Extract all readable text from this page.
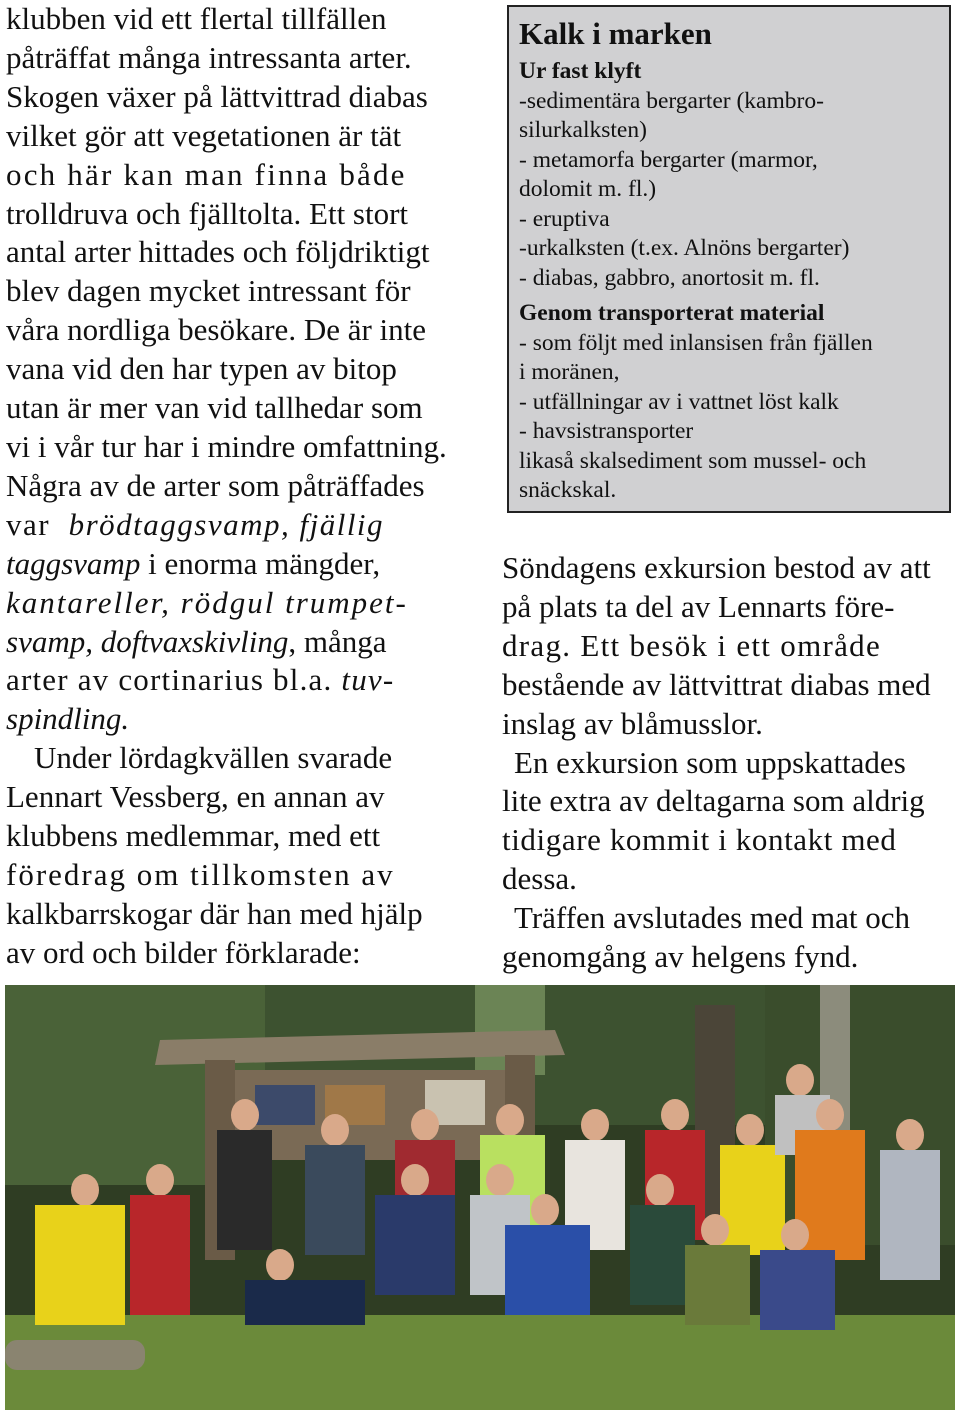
klubben vid ett flertal tillfällen

påträffat många intressanta arter.

Skogen växer på lättvittrad diabas

vilket gör att vegetationen är tät

och här kan man finna både

trolldruva och fjälltolta. Ett stort

antal arter hittades och följdriktigt

blev dagen mycket intressant för

våra nordliga besökare. De är inte

vana vid den har typen av bitop

utan är mer van vid tallhedar som

vi i vår tur har i mindre omfattning.

Några av de arter som påträffades

var brödtaggsvamp, fjällig

taggsvamp i enorma mängder,

kantareller, rödgul trumpet-

svamp, doftvaxskivling, många

arter av cortinarius bl.a. tuv-

spindling.

Under lördagkvällen svarade

Lennart Vessberg, en annan av

klubbens medlemmar, med ett

föredrag om tillkomsten av

kalkbarrskogar där han med hjälp

av ord och bilder förklarade:

Kalk i marken

Ur fast klyft

-sedimentära bergarter (kambro-

silurkalksten)

- metamorfa bergarter (marmor,

dolomit m. fl.)

- eruptiva

-urkalksten (t.ex. Alnöns bergarter)

- diabas, gabbro, anortosit m. fl.

Genom transporterat material

- som följt med inlansisen från fjällen

i moränen,

- utfällningar av i vattnet löst kalk

- havsistransporter

likaså skalsediment som mussel- och

snäckskal.

Söndagens exkursion bestod av att

på plats ta del av Lennarts före-

drag. Ett besök i ett område

bestående av lättvittrat diabas med

inslag av blåmusslor.

En exkursion som uppskattades

lite extra av deltagarna som aldrig

tidigare kommit i kontakt med

dessa.

Träffen avslutades med mat och

genomgång av helgens fynd.
